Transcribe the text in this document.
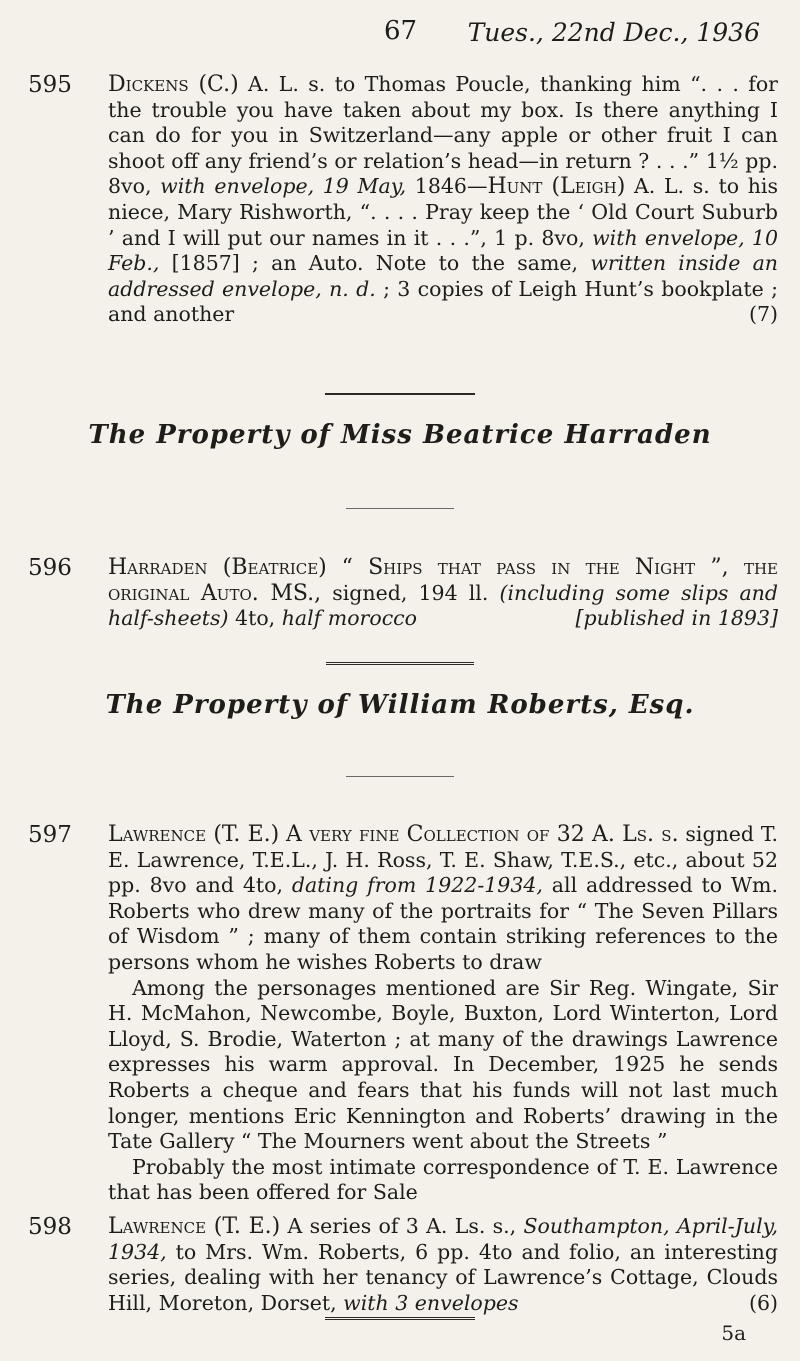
67 Tues., 22nd Dec., 1936
595 Dickens (C.) A. L. s. to Thomas Poucle, thanking him “. . . for the trouble you have taken about my box. Is there anything I can do for you in Switzerland—any apple or other fruit I can shoot off any friend’s or relation’s head—in return ? . . .” 1½ pp. 8vo, with envelope, 19 May, 1846—Hunt (Leigh) A. L. s. to his niece, Mary Rishworth, “. . . . Pray keep the ‘ Old Court Suburb ’ and I will put our names in it . . .”, 1 p. 8vo, with envelope, 10 Feb., [1857] ; an Auto. Note to the same, written inside an addressed envelope, n. d. ; 3 copies of Leigh Hunt’s bookplate ; and another	(7)

The Property of Miss Beatrice Harraden
596 Harraden (Beatrice) “ Ships that pass in the Night ”, the original Auto. MS., signed, 194 ll. (including some slips and half-sheets) 4to, half morocco	[published in 1893]

The Property of William Roberts, Esq.
597 Lawrence (T. E.) A very fine Collection of 32 A. Ls. s. signed T. E. Lawrence, T.E.L., J. H. Ross, T. E. Shaw, T.E.S., etc., about 52 pp. 8vo and 4to, dating from 1922-1934, all addressed to Wm. Roberts who drew many of the portraits for “ The Seven Pillars of Wisdom ” ; many of them contain striking references to the persons whom he wishes Roberts to draw

Among the personages mentioned are Sir Reg. Wingate, Sir H. McMahon, Newcombe, Boyle, Buxton, Lord Winterton, Lord Lloyd, S. Brodie, Waterton ; at many of the drawings Lawrence expresses his warm approval. In December, 1925 he sends Roberts a cheque and fears that his funds will not last much longer, mentions Eric Kennington and Roberts’ drawing in the Tate Gallery “ The Mourners went about the Streets ”

Probably the most intimate correspondence of T. E. Lawrence that has been offered for Sale

598 Lawrence (T. E.) A series of 3 A. Ls. s., Southampton, April-July, 1934, to Mrs. Wm. Roberts, 6 pp. 4to and folio, an interesting series, dealing with her tenancy of Lawrence’s Cottage, Clouds Hill, Moreton, Dorset, with 3 envelopes	(6)

5a
